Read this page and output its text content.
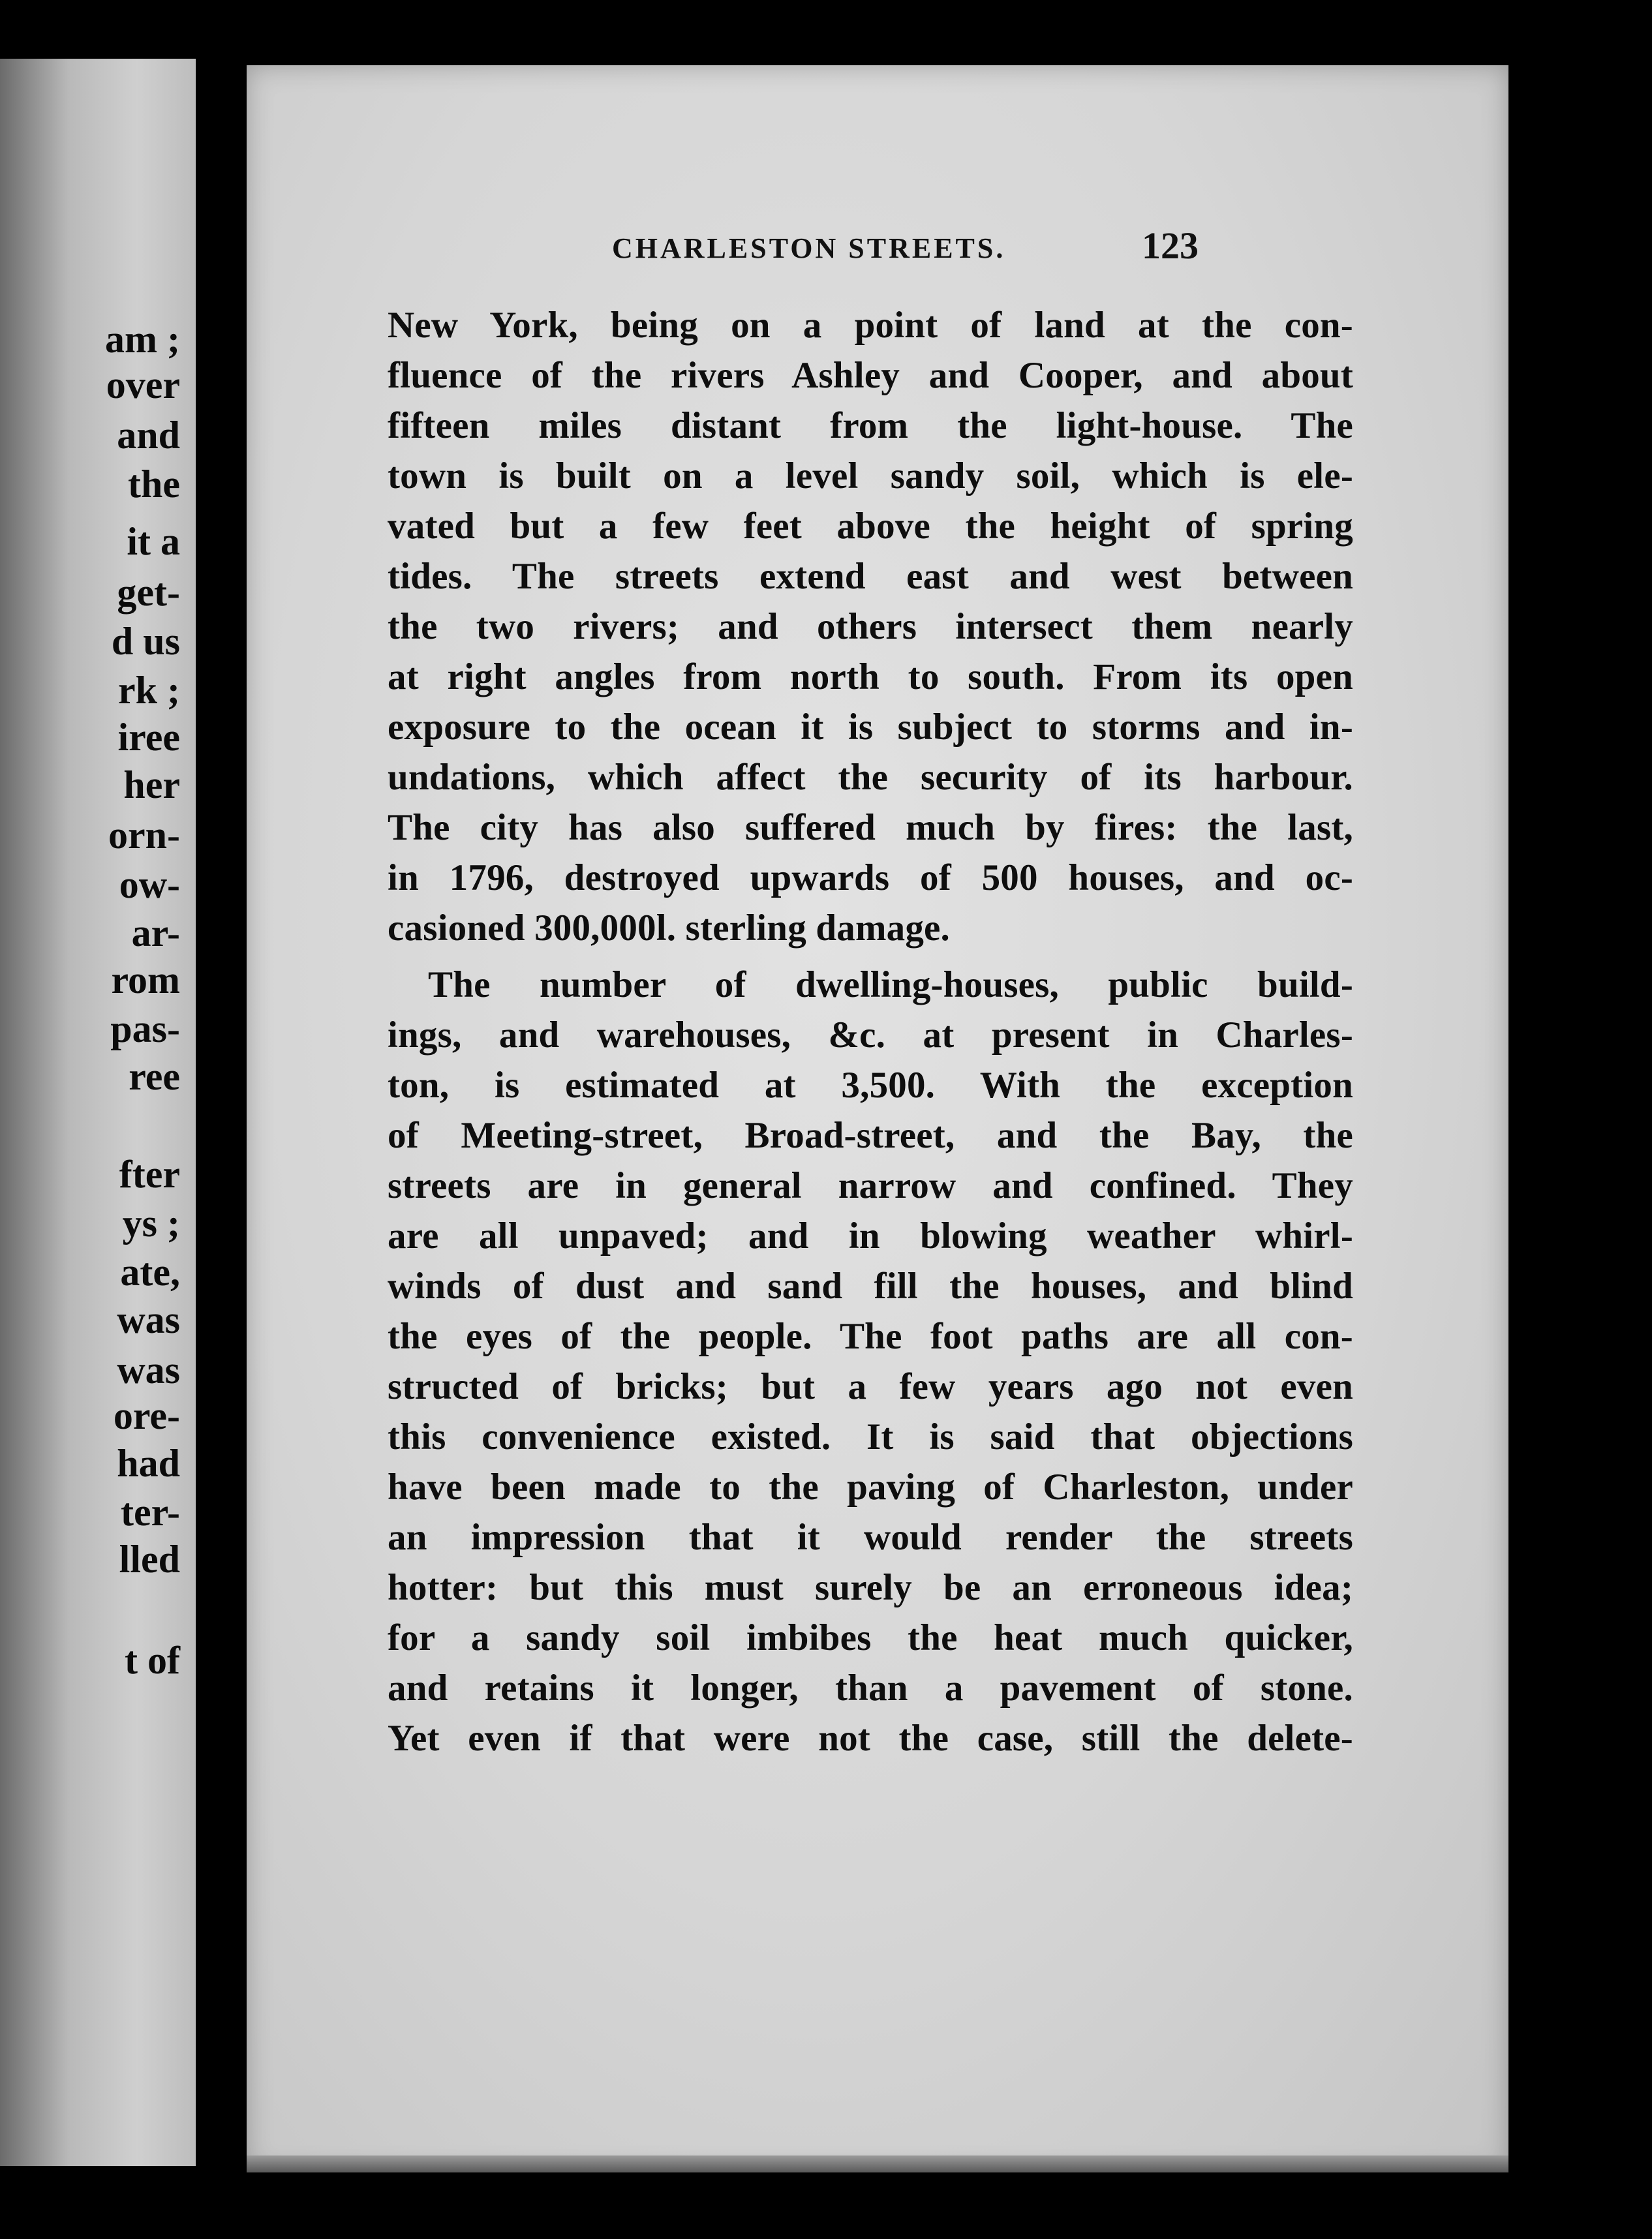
am ;
over
and
the
it a
get-
d us
rk ;
iree
her
orn-
ow-
ar-
rom
pas-
ree
fter
ys ;
ate,
was
was
ore-
had
ter-
lled
t of
CHARLESTON STREETS.	123
New York, being on a point of land at the con-
fluence of the rivers Ashley and Cooper, and about
fifteen miles distant from the light-house. The
town is built on a level sandy soil, which is ele-
vated but a few feet above the height of spring
tides. The streets extend east and west between
the two rivers; and others intersect them nearly
at right angles from north to south. From its open
exposure to the ocean it is subject to storms and in-
undations, which affect the security of its harbour.
The city has also suffered much by fires: the last,
in 1796, destroyed upwards of 500 houses, and oc-
casioned 300,000l. sterling damage.
The number of dwelling-houses, public build-
ings, and warehouses, &c. at present in Charles-
ton, is estimated at 3,500. With the exception
of Meeting-street, Broad-street, and the Bay, the
streets are in general narrow and confined. They
are all unpaved; and in blowing weather whirl-
winds of dust and sand fill the houses, and blind
the eyes of the people. The foot paths are all con-
structed of bricks; but a few years ago not even
this convenience existed. It is said that objections
have been made to the paving of Charleston, under
an impression that it would render the streets
hotter: but this must surely be an erroneous idea;
for a sandy soil imbibes the heat much quicker,
and retains it longer, than a pavement of stone.
Yet even if that were not the case, still the delete-
